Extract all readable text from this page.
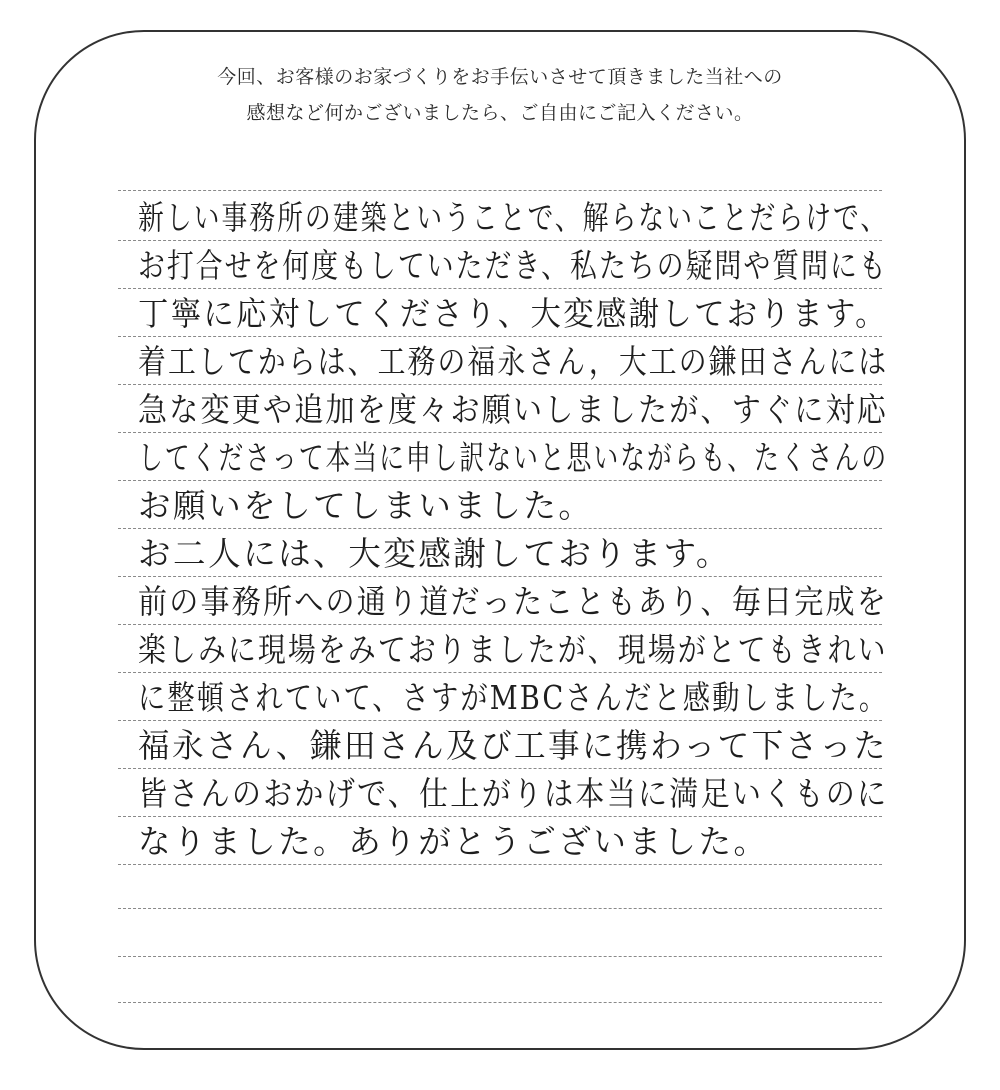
今回、お客様のお家づくりをお手伝いさせて頂きました当社への
感想など何かございましたら、ご自由にご記入ください。
新しい事務所の建築ということで、解らないことだらけで、
お打合せを何度もしていただき、私たちの疑問や質問にも
丁寧に応対してくださり、大変感謝しております。
着工してからは、工務の福永さん，大工の鎌田さんには
急な変更や追加を度々お願いしましたが、すぐに対応
してくださって本当に申し訳ないと思いながらも、たくさんの
お願いをしてしまいました。
お二人には、大変感謝しております。
前の事務所への通り道だったこともあり、毎日完成を
楽しみに現場をみておりましたが、現場がとてもきれい
に整頓されていて、さすがMBCさんだと感動しました。
福永さん、鎌田さん及び工事に携わって下さった
皆さんのおかげで、仕上がりは本当に満足いくものに
なりました。ありがとうございました。
